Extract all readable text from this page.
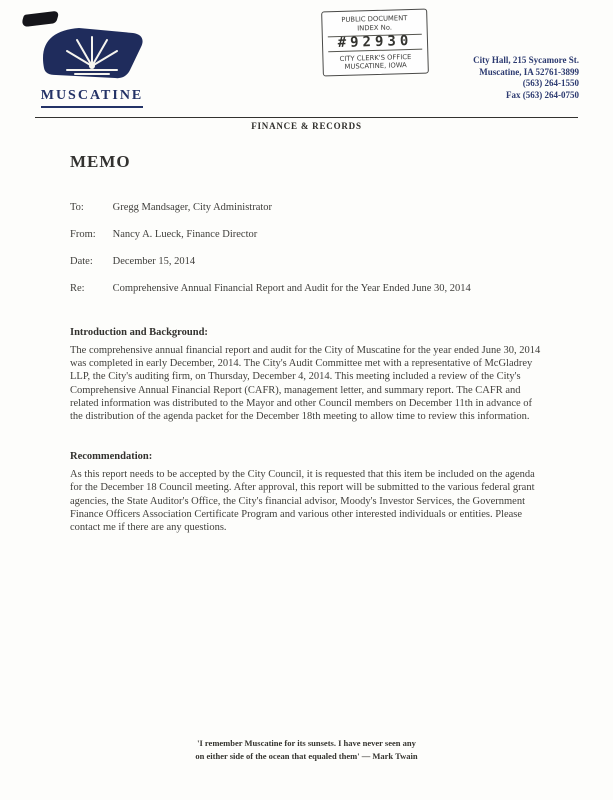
MUSCATINE
PUBLIC DOCUMENT
INDEX No.
#92930
CITY CLERK'S OFFICE
MUSCATINE, IOWA
City Hall, 215 Sycamore St.
Muscatine, IA 52761-3899
(563) 264-1550
Fax (563) 264-0750
FINANCE & RECORDS
MEMO
To:	Gregg Mandsager, City Administrator
From: Nancy A. Lueck, Finance Director
Date: December 15, 2014
Re:	Comprehensive Annual Financial Report and Audit for the Year Ended June 30, 2014
Introduction and Background:

The comprehensive annual financial report and audit for the City of Muscatine for the year ended June 30, 2014 was completed in early December, 2014. The City's Audit Committee met with a representative of McGladrey LLP, the City's auditing firm, on Thursday, December 4, 2014. This meeting included a review of the City's Comprehensive Annual Financial Report (CAFR), management letter, and summary report. The CAFR and related information was distributed to the Mayor and other Council members on December 11th in advance of the distribution of the agenda packet for the December 18th meeting to allow time to review this information.

Recommendation:

As this report needs to be accepted by the City Council, it is requested that this item be included on the agenda for the December 18 Council meeting. After approval, this report will be submitted to the various federal grant agencies, the State Auditor's Office, the City's financial advisor, Moody's Investor Services, the Government Finance Officers Association Certificate Program and various other interested individuals or entities. Please contact me if there are any questions.

'I remember Muscatine for its sunsets. I have never seen any
on either side of the ocean that equaled them' — Mark Twain
